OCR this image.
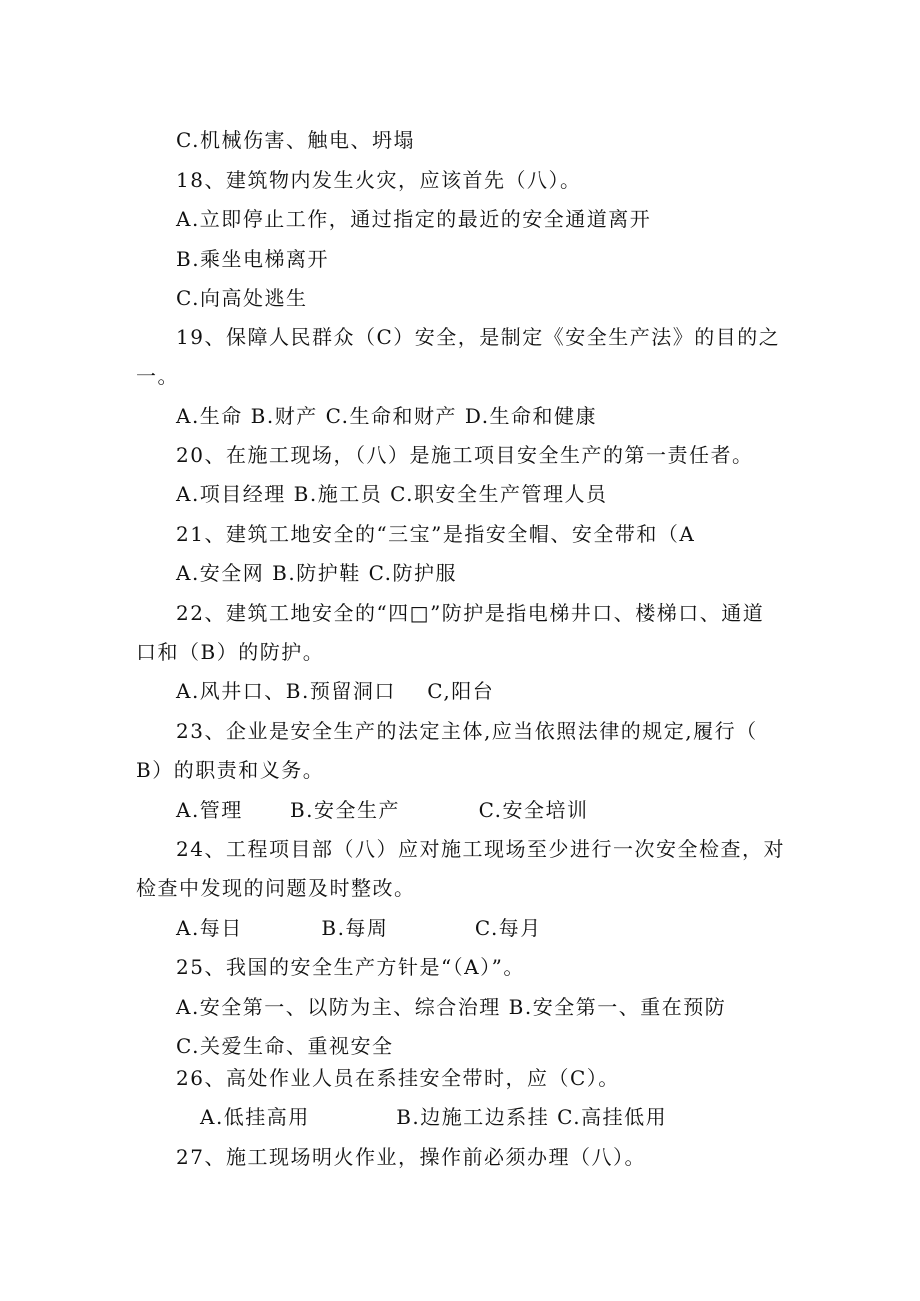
C.机械伤害、触电、坍塌
18、建筑物内发生火灾，应该首先（八）。
A.立即停止工作，通过指定的最近的安全通道离开
B.乘坐电梯离开
C.向高处逃生
19、保障人民群众（C）安全，是制定《安全生产法》的目的之
一。
A.生命 B.财产 C.生命和财产 D.生命和健康
20、在施工现场，（八）是施工项目安全生产的第一责任者。
A.项目经理 B.施工员 C.职安全生产管理人员
21、建筑工地安全的“三宝”是指安全帽、安全带和（A
A.安全网 B.防护鞋 C.防护服
22、建筑工地安全的“四□”防护是指电梯井口、楼梯口、通道
口和（B）的防护。
A.风井口、B.预留洞口    C,阳台
23、企业是安全生产的法定主体,应当依照法律的规定,履行（
B）的职责和义务。
A.管理      B.安全生产          C.安全培训
24、工程项目部（八）应对施工现场至少进行一次安全检查，对
检查中发现的问题及时整改。
A.每日          B.每周           C.每月
25、我国的安全生产方针是“（A）”。
A.安全第一、以防为主、综合治理 B.安全第一、重在预防
C.关爱生命、重视安全
26、高处作业人员在系挂安全带时，应（C）。
A.低挂高用           B.边施工边系挂 C.高挂低用
27、施工现场明火作业，操作前必须办理（八）。
